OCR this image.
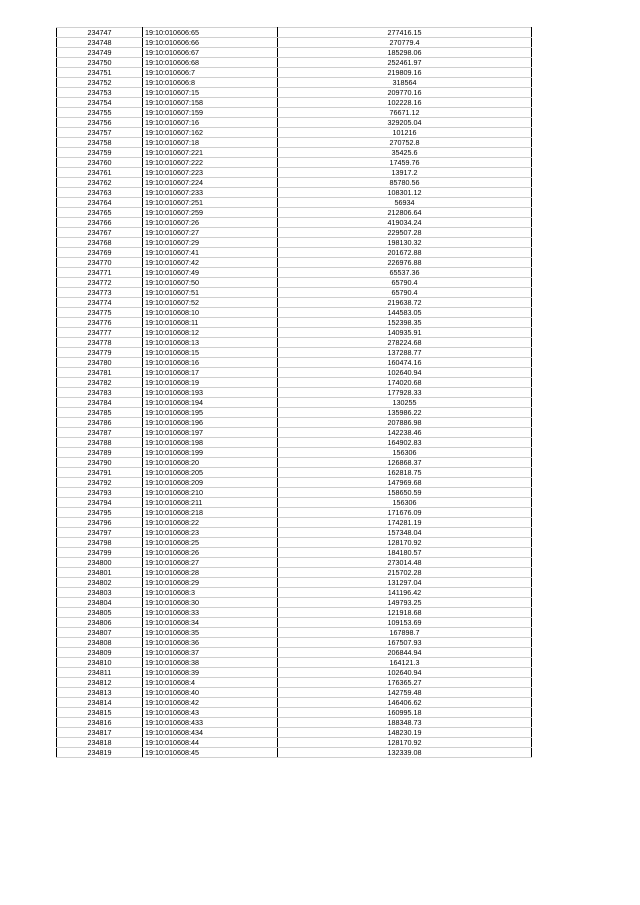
234747	19:10:010606:65	277416.15
234748	19:10:010606:66	270779.4
234749	19:10:010606:67	185298.06
234750	19:10:010606:68	252461.97
234751	19:10:010606:7	219809.16
234752	19:10:010606:8	318564
234753	19:10:010607:15	209770.16
234754	19:10:010607:158	102228.16
234755	19:10:010607:159	76671.12
234756	19:10:010607:16	329205.04
234757	19:10:010607:162	101216
234758	19:10:010607:18	270752.8
234759	19:10:010607:221	35425.6
234760	19:10:010607:222	17459.76
234761	19:10:010607:223	13917.2
234762	19:10:010607:224	85780.56
234763	19:10:010607:233	108301.12
234764	19:10:010607:251	56934
234765	19:10:010607:259	212806.64
234766	19:10:010607:26	419034.24
234767	19:10:010607:27	229507.28
234768	19:10:010607:29	198130.32
234769	19:10:010607:41	201672.88
234770	19:10:010607:42	226976.88
234771	19:10:010607:49	65537.36
234772	19:10:010607:50	65790.4
234773	19:10:010607:51	65790.4
234774	19:10:010607:52	219638.72
234775	19:10:010608:10	144583.05
234776	19:10:010608:11	152398.35
234777	19:10:010608:12	140935.91
234778	19:10:010608:13	278224.68
234779	19:10:010608:15	137288.77
234780	19:10:010608:16	160474.16
234781	19:10:010608:17	102640.94
234782	19:10:010608:19	174020.68
234783	19:10:010608:193	177928.33
234784	19:10:010608:194	130255
234785	19:10:010608:195	135986.22
234786	19:10:010608:196	207886.98
234787	19:10:010608:197	142238.46
234788	19:10:010608:198	164902.83
234789	19:10:010608:199	156306
234790	19:10:010608:20	126868.37
234791	19:10:010608:205	162818.75
234792	19:10:010608:209	147969.68
234793	19:10:010608:210	158650.59
234794	19:10:010608:211	156306
234795	19:10:010608:218	171676.09
234796	19:10:010608:22	174281.19
234797	19:10:010608:23	157348.04
234798	19:10:010608:25	128170.92
234799	19:10:010608:26	184180.57
234800	19:10:010608:27	273014.48
234801	19:10:010608:28	215702.28
234802	19:10:010608:29	131297.04
234803	19:10:010608:3	141196.42
234804	19:10:010608:30	149793.25
234805	19:10:010608:33	121918.68
234806	19:10:010608:34	109153.69
234807	19:10:010608:35	167898.7
234808	19:10:010608:36	167507.93
234809	19:10:010608:37	206844.94
234810	19:10:010608:38	164121.3
234811	19:10:010608:39	102640.94
234812	19:10:010608:4	176365.27
234813	19:10:010608:40	142759.48
234814	19:10:010608:42	146406.62
234815	19:10:010608:43	160995.18
234816	19:10:010608:433	188348.73
234817	19:10:010608:434	148230.19
234818	19:10:010608:44	128170.92
234819	19:10:010608:45	132339.08
